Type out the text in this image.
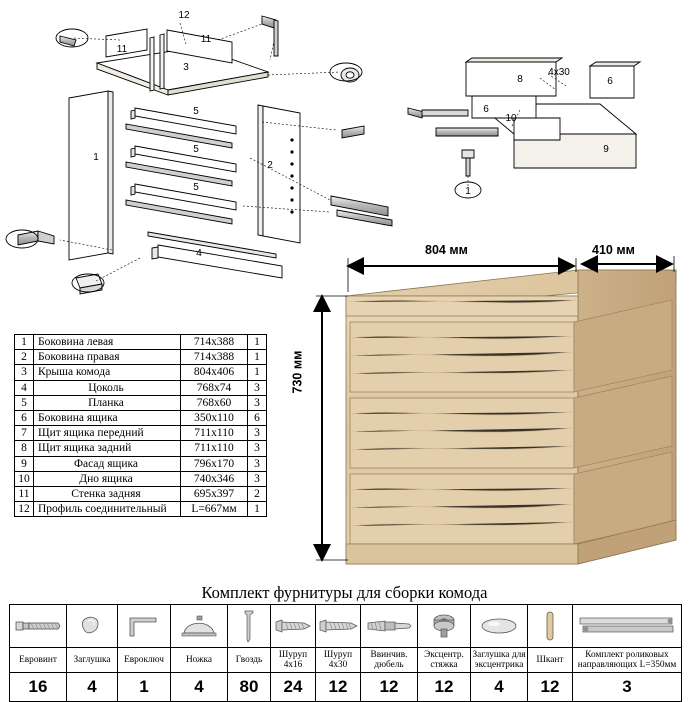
12
11
11
3
5
5
5
1
2
4
8
4х30
6
6
10
9
1
804 мм	410 мм
730 мм
1	Боковина левая	714x388	1
2	Боковина правая	714x388	1
3	Крыша комода	804x406	1
4	Цоколь	768x74	3
5	Планка	768x60	3
6	Боковина ящика	350x110	6
7	Щит ящика передний	711x110	3
8	Щит ящика задний	711x110	3
9	Фасад ящика	796x170	3
10	Дно ящика	740x346	3
11	Стенка задняя	695x397	2
12	Профиль соединительный	L=667мм	1
Комплект фурнитуры для сборки комода

Евровинт	Заглушка	Евроключ	Ножка	Гвоздь	Шуруп 4х16	Шуруп 4х30	Ввинчив. дюбель	Эксцентр. стяжка	Заглушка для эксцентрика	Шкант	Комплект роликовых направляющих L=350мм
16	4	1	4	80	24	12	12	12	4	12	3
